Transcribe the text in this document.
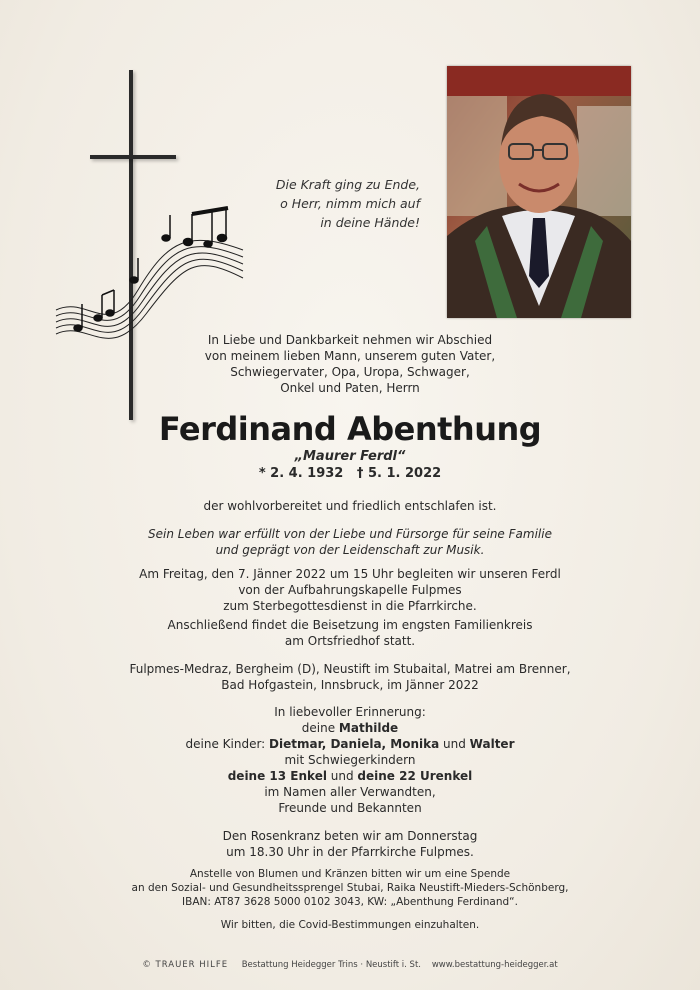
Die Kraft ging zu Ende,
o Herr, nimm mich auf
in deine Hände!
In Liebe und Dankbarkeit nehmen wir Abschied
von meinem lieben Mann, unserem guten Vater,
Schwiegervater, Opa, Uropa, Schwager,
Onkel und Paten, Herrn
Ferdinand Abenthung
„Maurer Ferdl“
* 2. 4. 1932   † 5. 1. 2022
der wohlvorbereitet und friedlich entschlafen ist.
Sein Leben war erfüllt von der Liebe und Fürsorge für seine Familie
und geprägt von der Leidenschaft zur Musik.
Am Freitag, den 7. Jänner 2022 um 15 Uhr begleiten wir unseren Ferdl
von der Aufbahrungskapelle Fulpmes
zum Sterbegottesdienst in die Pfarrkirche.
Anschließend findet die Beisetzung im engsten Familienkreis
am Ortsfriedhof statt.
Fulpmes-Medraz, Bergheim (D), Neustift im Stubaital, Matrei am Brenner,
Bad Hofgastein, Innsbruck, im Jänner 2022
In liebevoller Erinnerung:
deine Mathilde
deine Kinder: Dietmar, Daniela, Monika und Walter
mit Schwiegerkindern
deine 13 Enkel und deine 22 Urenkel
im Namen aller Verwandten,
Freunde und Bekannten
Den Rosenkranz beten wir am Donnerstag
um 18.30 Uhr in der Pfarrkirche Fulpmes.
Anstelle von Blumen und Kränzen bitten wir um eine Spende
an den Sozial- und Gesundheitssprengel Stubai, Raika Neustift-Mieders-Schönberg,
IBAN: AT87 3628 5000 0102 3043, KW: „Abenthung Ferdinand“.
Wir bitten, die Covid-Bestimmungen einzuhalten.
© TRAUER HILFE Bestattung Heidegger Trins · Neustift i. St. www.bestattung-heidegger.at
